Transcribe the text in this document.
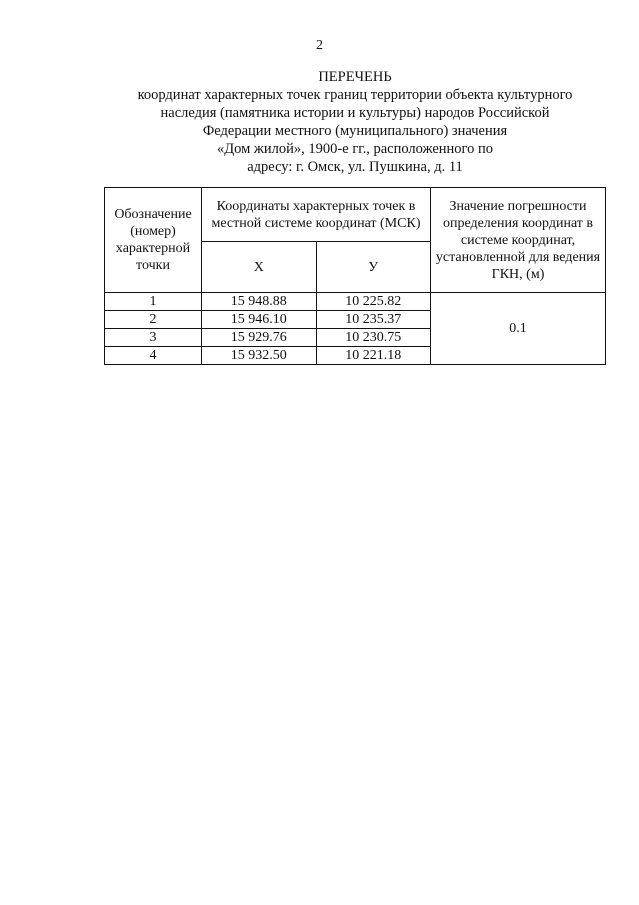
2
ПЕРЕЧЕНЬ
координат характерных точек границ территории объекта культурного
наследия (памятника истории и культуры) народов Российской
Федерации местного (муниципального) значения
«Дом жилой», 1900-е гг., расположенного по
адресу: г. Омск, ул. Пушкина, д. 11
Обозначение (номер) характерной точки	Координаты характерных точек в местной системе координат (МСК)		Значение погрешности определения координат в системе координат, установленной для ведения ГКН, (м)
	Х	У	
1	15 948.88	10 225.82	0.1
2	15 946.10	10 235.37	
3	15 929.76	10 230.75	
4	15 932.50	10 221.18	
